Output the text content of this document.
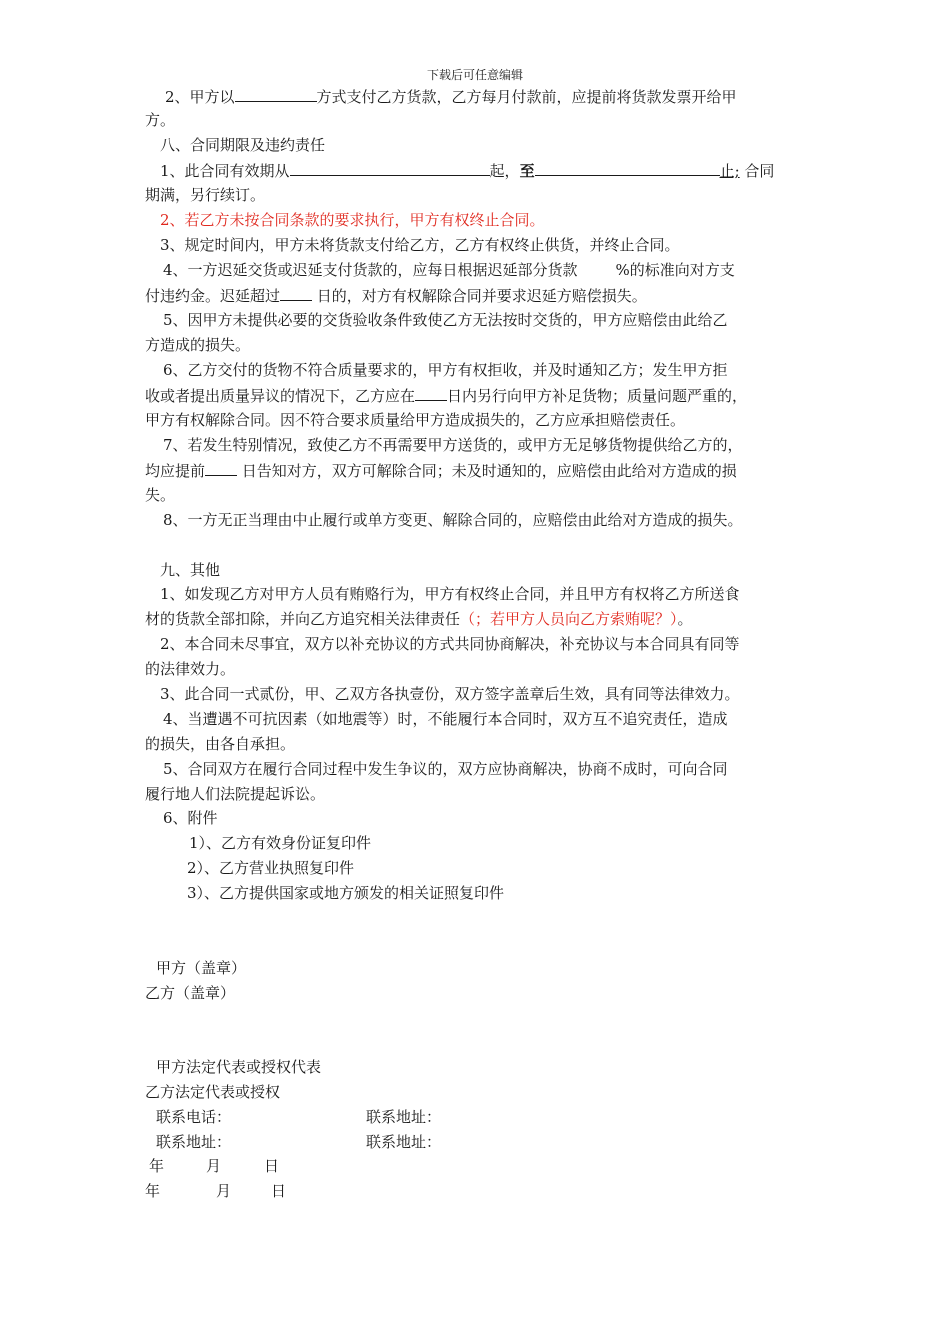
下载后可任意编辑
2、甲方以	方式支付乙方货款，乙方每月付款前，应提前将货款发票开给甲
方。
八、合同期限及违约责任
1、此合同有效期从	起，至	止; 合同
期满，另行续订。
2、若乙方未按合同条款的要求执行，甲方有权终止合同。
3、规定时间内，甲方未将货款支付给乙方，乙方有权终止供货，并终止合同。
4、一方迟延交货或迟延支付货款的，应每日根据迟延部分货款	%的标准向对方支
付违约金。迟延超过 日的，对方有权解除合同并要求迟延方赔偿损失。
5、因甲方未提供必要的交货验收条件致使乙方无法按时交货的，甲方应赔偿由此给乙
方造成的损失。
6、乙方交付的货物不符合质量要求的，甲方有权拒收，并及时通知乙方；发生甲方拒
收或者提出质量异议的情况下，乙方应在 日内另行向甲方补足货物；质量问题严重的，
甲方有权解除合同。因不符合要求质量给甲方造成损失的，乙方应承担赔偿责任。
7、若发生特别情况，致使乙方不再需要甲方送货的，或甲方无足够货物提供给乙方的，
均应提前 日告知对方，双方可解除合同；未及时通知的，应赔偿由此给对方造成的损
失。
8、一方无正当理由中止履行或单方变更、解除合同的，应赔偿由此给对方造成的损失。
九、其他
1、如发现乙方对甲方人员有贿赂行为，甲方有权终止合同，并且甲方有权将乙方所送食
材的货款全部扣除，并向乙方追究相关法律责任（；若甲方人员向乙方索贿呢？）。
2、本合同未尽事宜，双方以补充协议的方式共同协商解决，补充协议与本合同具有同等
的法律效力。
3、此合同一式贰份，甲、乙双方各执壹份，双方签字盖章后生效，具有同等法律效力。
4、当遭遇不可抗因素（如地震等）时，不能履行本合同时，双方互不追究责任，造成
的损失，由各自承担。
5、合同双方在履行合同过程中发生争议的，双方应协商解决，协商不成时，可向合同
履行地人们法院提起诉讼。
6、附件
1）、乙方有效身份证复印件
2）、乙方营业执照复印件
3）、乙方提供国家或地方颁发的相关证照复印件
甲方（盖章）
乙方（盖章）
甲方法定代表或授权代表
乙方法定代表或授权
联系电话：	联系地址：
联系地址：	联系地址：
年	月	日
年	月	日
